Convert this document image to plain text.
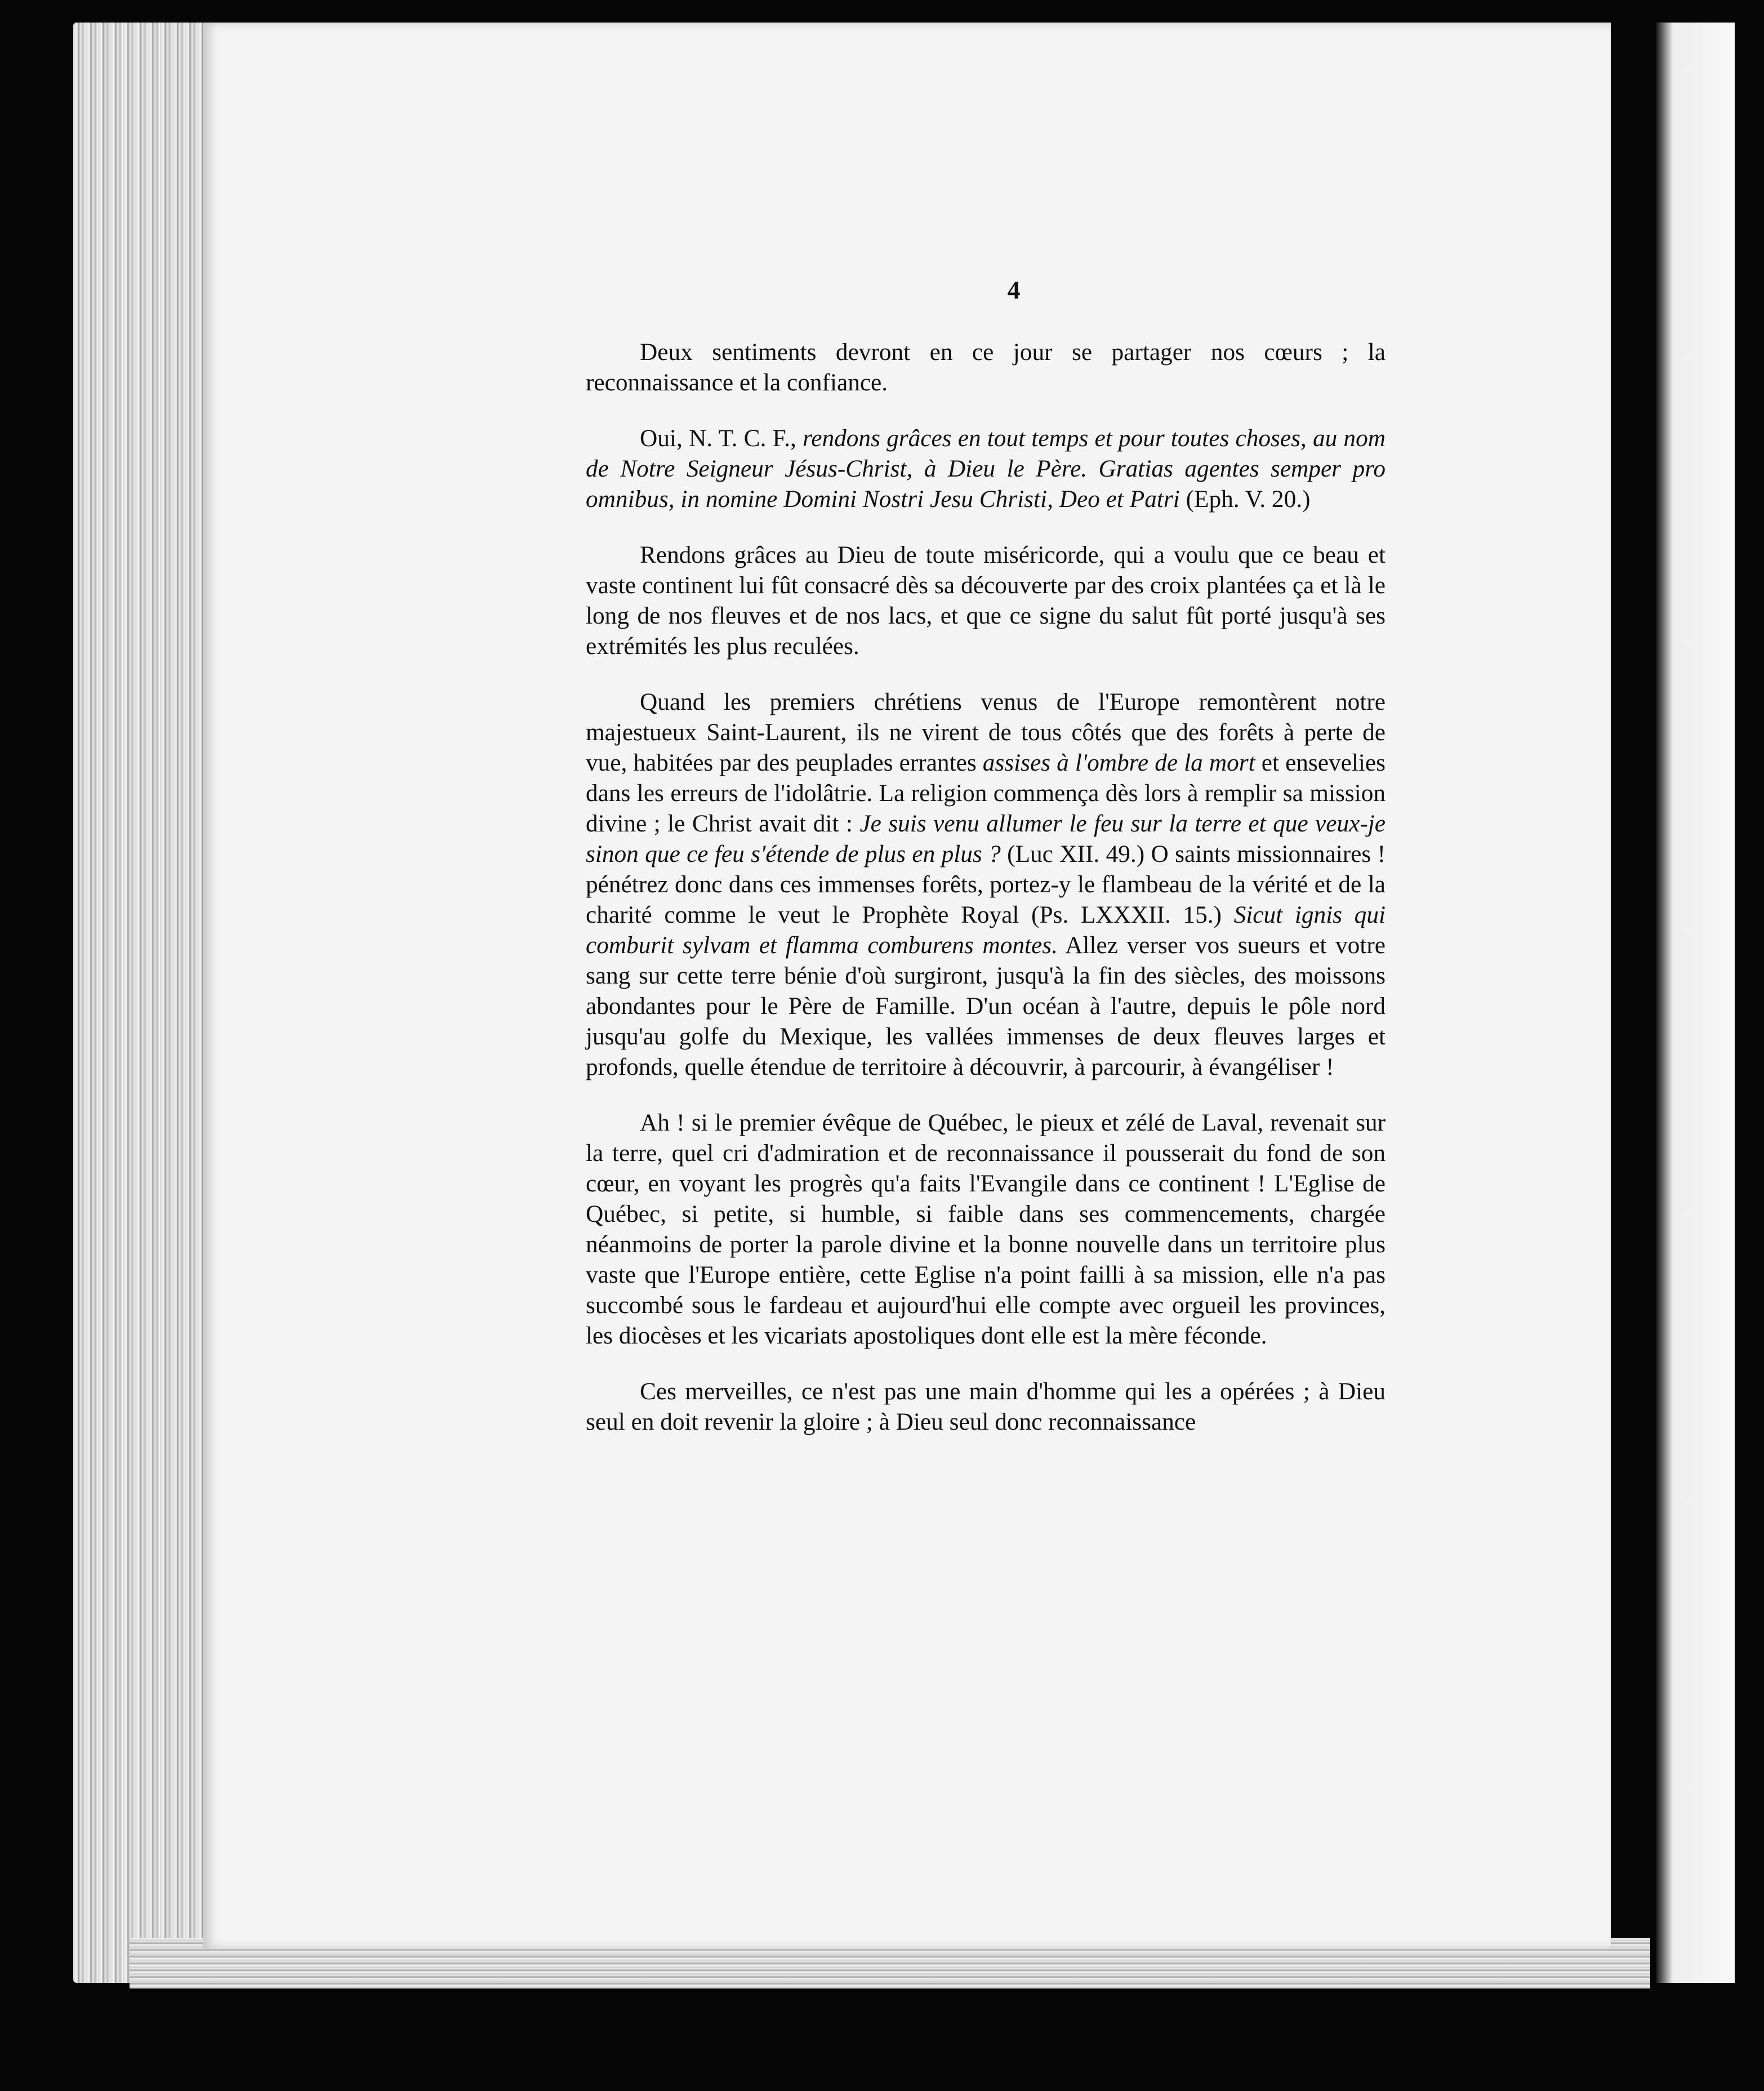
4

Deux sentiments devront en ce jour se partager nos cœurs ; la reconnaissance et la confiance.

Oui, N. T. C. F., rendons grâces en tout temps et pour toutes choses, au nom de Notre Seigneur Jésus-Christ, à Dieu le Père. Gratias agentes semper pro omnibus, in nomine Domini Nostri Jesu Christi, Deo et Patri (Eph. V. 20.)

Rendons grâces au Dieu de toute miséricorde, qui a voulu que ce beau et vaste continent lui fût consacré dès sa découverte par des croix plantées ça et là le long de nos fleuves et de nos lacs, et que ce signe du salut fût porté jusqu'à ses extrémités les plus reculées.

Quand les premiers chrétiens venus de l'Europe remontèrent notre majestueux Saint-Laurent, ils ne virent de tous côtés que des forêts à perte de vue, habitées par des peuplades errantes assises à l'ombre de la mort et ensevelies dans les erreurs de l'idolâtrie. La religion commença dès lors à remplir sa mission divine ; le Christ avait dit : Je suis venu allumer le feu sur la terre et que veux-je sinon que ce feu s'étende de plus en plus ? (Luc XII. 49.) O saints missionnaires ! pénétrez donc dans ces immenses forêts, portez-y le flambeau de la vérité et de la charité comme le veut le Prophète Royal (Ps. LXXXII. 15.) Sicut ignis qui comburit sylvam et flamma comburens montes. Allez verser vos sueurs et votre sang sur cette terre bénie d'où surgiront, jusqu'à la fin des siècles, des moissons abondantes pour le Père de Famille. D'un océan à l'autre, depuis le pôle nord jusqu'au golfe du Mexique, les vallées immenses de deux fleuves larges et profonds, quelle étendue de territoire à découvrir, à parcourir, à évangéliser !

Ah ! si le premier évêque de Québec, le pieux et zélé de Laval, revenait sur la terre, quel cri d'admiration et de reconnaissance il pousserait du fond de son cœur, en voyant les progrès qu'a faits l'Evangile dans ce continent ! L'Eglise de Québec, si petite, si humble, si faible dans ses commencements, chargée néanmoins de porter la parole divine et la bonne nouvelle dans un territoire plus vaste que l'Europe entière, cette Eglise n'a point failli à sa mission, elle n'a pas succombé sous le fardeau et aujourd'hui elle compte avec orgueil les provinces, les diocèses et les vicariats apostoliques dont elle est la mère féconde.

Ces merveilles, ce n'est pas une main d'homme qui les a opérées ; à Dieu seul en doit revenir la gloire ; à Dieu seul donc reconnaissance
